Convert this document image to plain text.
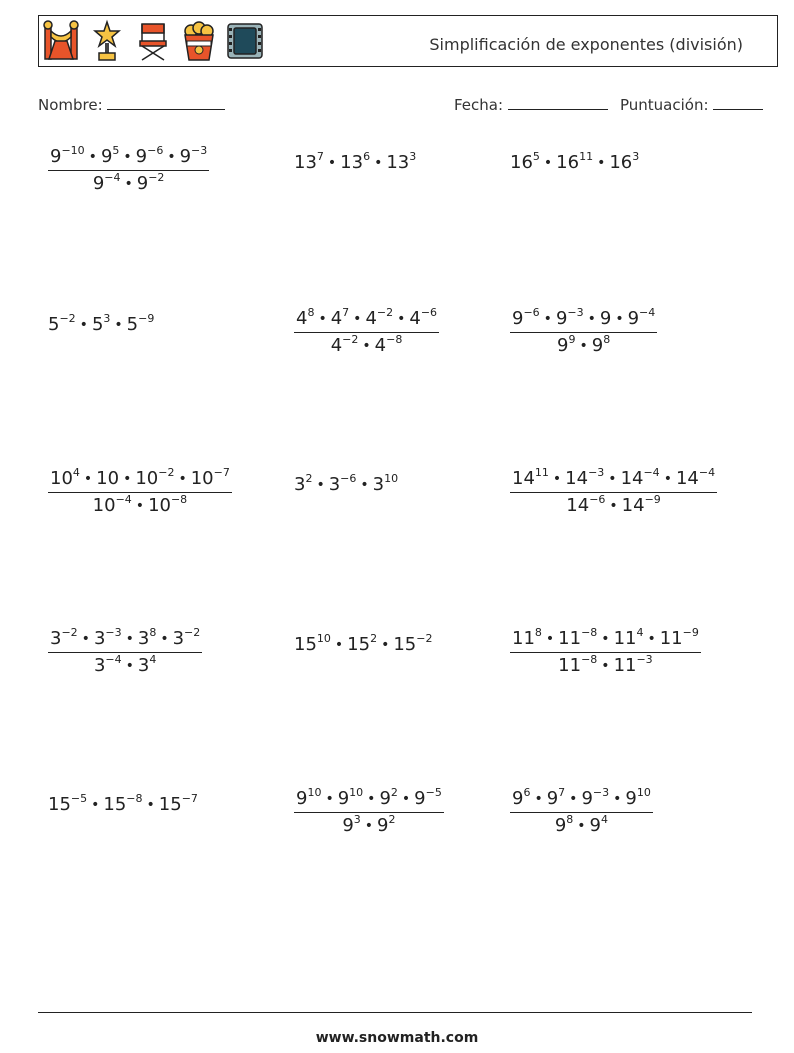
Simplificación de exponentes (división)
Nombre:	Fecha:	Puntuación:
$\frac{9^{-10} • 9^5 • 9^{-6} • 9^{-3}}{9^{-4} • 9^{-2}}$	$13^7$ • $13^6$ • $13^3$	$16^5$ • $16^{11}$ • $16^3$
$5^{-2}$ • $5^3$ • $5^{-9}$	$\frac{4^8 • 4^7 • 4^{-2} • 4^{-6}}{4^{-2} • 4^{-8}}$	$\frac{9^{-6} • 9^{-3} • 9 • 9^{-4}}{9^9 • 9^8}$
$\frac{10^4 • 10 • 10^{-2} • 10^{-7}}{10^{-4} • 10^{-8}}$	$3^2$ • $3^{-6}$ • $3^{10}$	$\frac{14^{11} • 14^{-3} • 14^{-4} • 14^{-4}}{14^{-6} • 14^{-9}}$
$\frac{3^{-2} • 3^{-3} • 3^8 • 3^{-2}}{3^{-4} • 3^4}$	$15^{10}$ • $15^2$ • $15^{-2}$	$\frac{11^8 • 11^{-8} • 11^4 • 11^{-9}}{11^{-8} • 11^{-3}}$
$15^{-5}$ • $15^{-8}$ • $15^{-7}$	$\frac{9^{10} • 9^{10} • 9^2 • 9^{-5}}{9^3 • 9^2}$	$\frac{9^6 • 9^7 • 9^{-3} • 9^{10}}{9^8 • 9^4}$
www.snowmath.com
